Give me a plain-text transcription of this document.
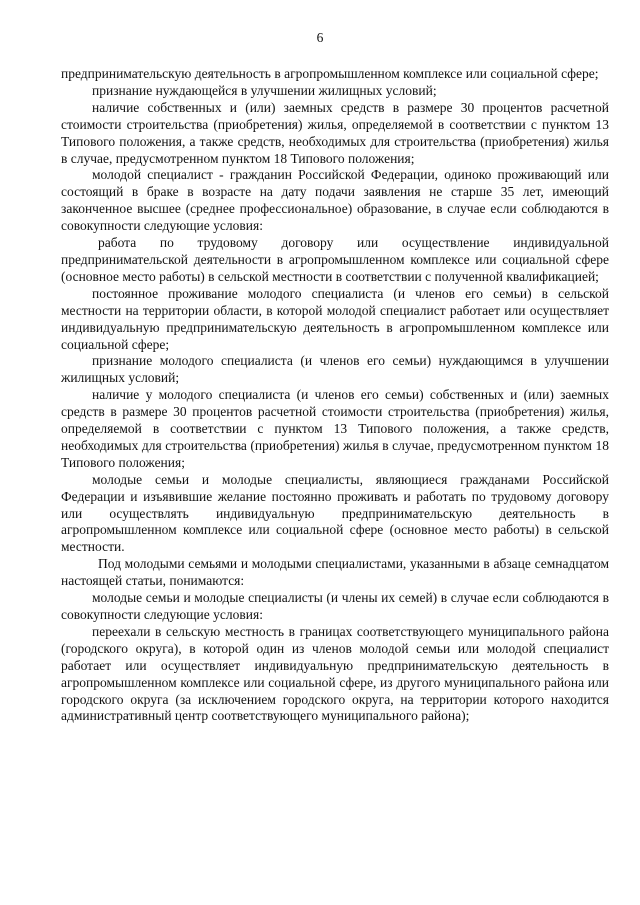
6

предпринимательскую деятельность в агропромышленном комплексе или социальной сфере;

признание нуждающейся в улучшении жилищных условий;

наличие собственных и (или) заемных средств в размере 30 процентов расчетной стоимости строительства (приобретения) жилья, определяемой в соответствии с пунктом 13 Типового положения, а также средств, необходимых для строительства (приобретения) жилья в случае, предусмотренном пунктом 18 Типового положения;

молодой специалист - гражданин Российской Федерации, одиноко проживающий или состоящий в браке в возрасте на дату подачи заявления не старше 35 лет, имеющий законченное высшее (среднее профессиональное) образование, в случае если соблюдаются в совокупности следующие условия:

работа по трудовому договору или осуществление индивидуальной предпринимательской деятельности в агропромышленном комплексе или социальной сфере (основное место работы) в сельской местности в соответствии с полученной квалификацией;

постоянное проживание молодого специалиста (и членов его семьи) в сельской местности на территории области, в которой молодой специалист работает или осуществляет индивидуальную предпринимательскую деятельность в агропромышленном комплексе или социальной сфере;

признание молодого специалиста (и членов его семьи) нуждающимся в улучшении жилищных условий;

наличие у молодого специалиста (и членов его семьи) собственных и (или) заемных средств в размере 30 процентов расчетной стоимости строительства (приобретения) жилья, определяемой в соответствии с пунктом 13 Типового положения, а также средств, необходимых для строительства (приобретения) жилья в случае, предусмотренном пунктом 18 Типового положения;

молодые семьи и молодые специалисты, являющиеся гражданами Российской Федерации и изъявившие желание постоянно проживать и работать по трудовому договору или осуществлять индивидуальную предпринимательскую деятельность в агропромышленном комплексе или социальной сфере (основное место работы) в сельской местности.

Под молодыми семьями и молодыми специалистами, указанными в абзаце семнадцатом настоящей статьи, понимаются:

молодые семьи и молодые специалисты (и члены их семей) в случае если соблюдаются в совокупности следующие условия:

переехали в сельскую местность в границах соответствующего муниципального района (городского округа), в которой один из членов молодой семьи или молодой специалист работает или осуществляет индивидуальную предпринимательскую деятельность в агропромышленном комплексе или социальной сфере, из другого муниципального района или городского округа (за исключением городского округа, на территории которого находится административный центр соответствующего муниципального района);
